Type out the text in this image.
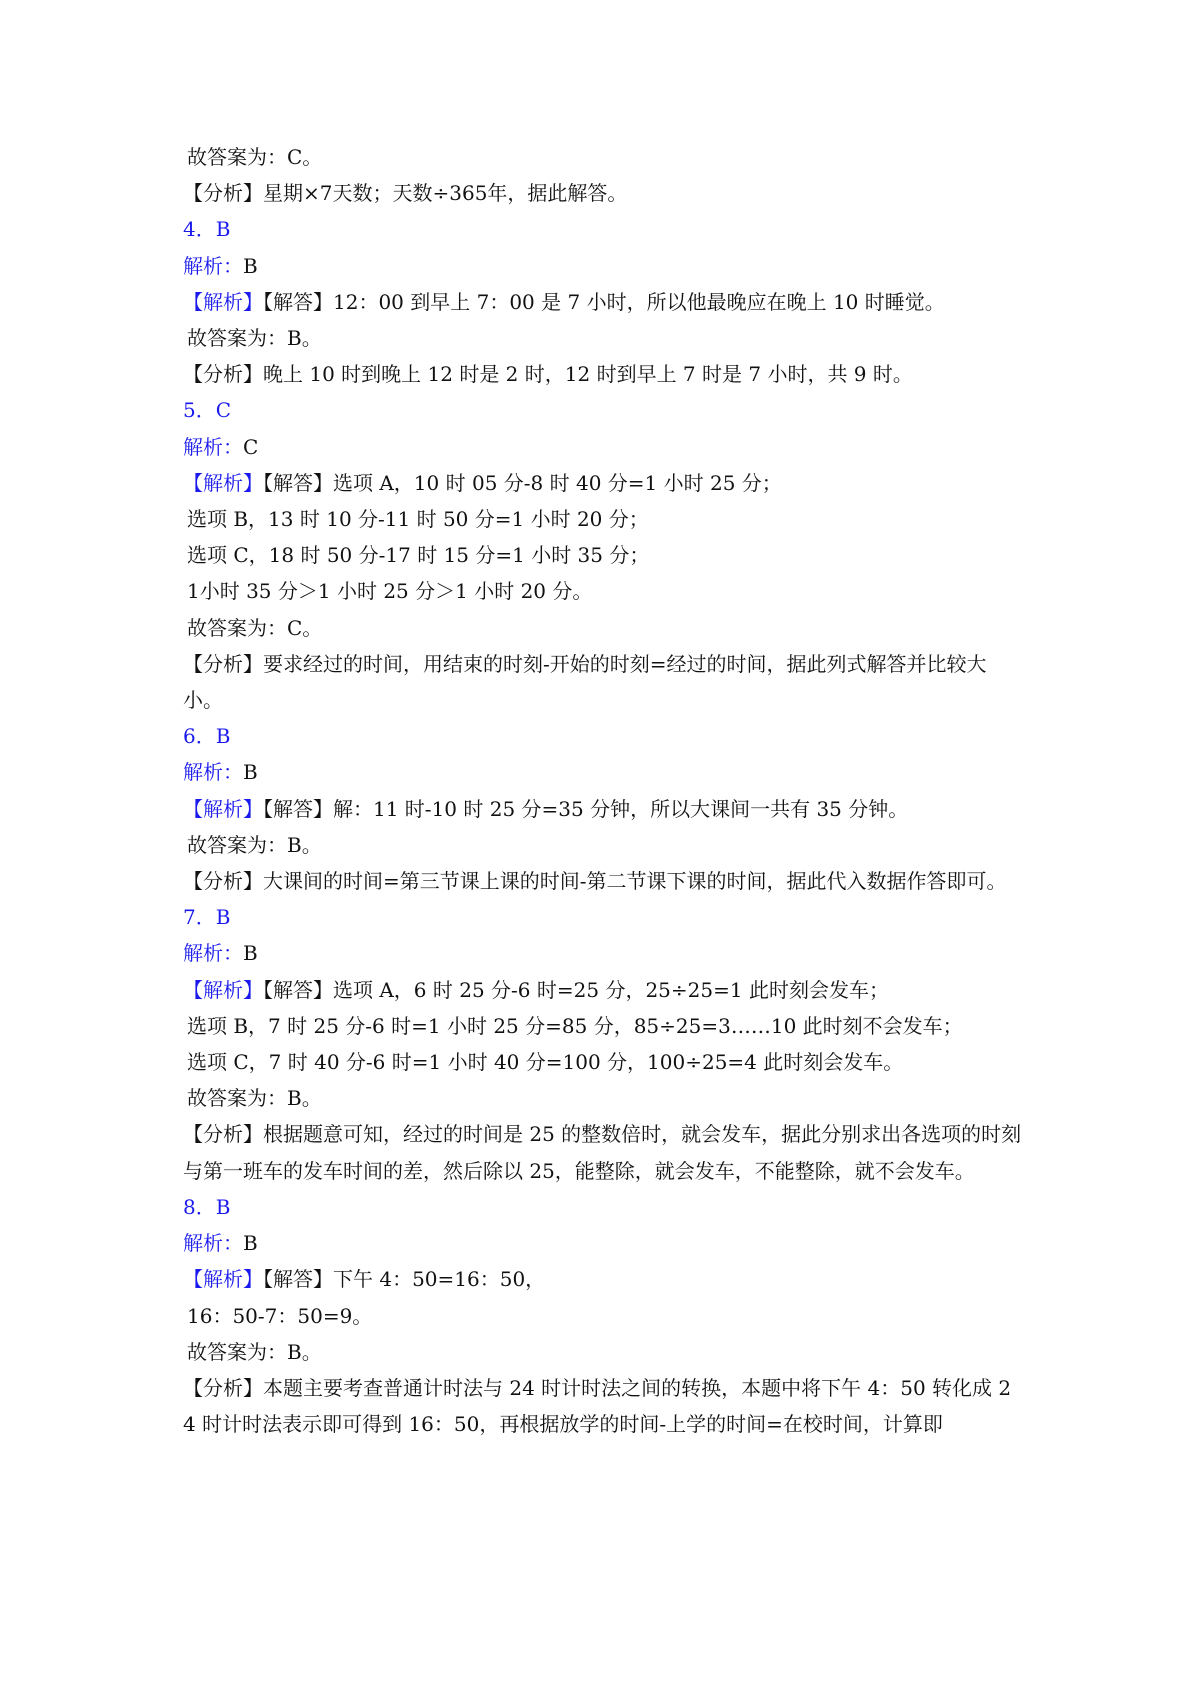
故答案为：C。
【分析】星期×7天数；天数÷365年，据此解答。
4．B
解析：B
【解析】【解答】12：00 到早上 7：00 是 7 小时，所以他最晚应在晚上 10 时睡觉。
故答案为：B。
【分析】晚上 10 时到晚上 12 时是 2 时，12 时到早上 7 时是 7 小时，共 9 时。
5．C
解析：C
【解析】【解答】选项 A，10 时 05 分-8 时 40 分=1 小时 25 分；
选项 B，13 时 10 分-11 时 50 分=1 小时 20 分；
选项 C，18 时 50 分-17 时 15 分=1 小时 35 分；
1小时 35 分＞1 小时 25 分＞1 小时 20 分。
故答案为：C。
【分析】要求经过的时间，用结束的时刻-开始的时刻=经过的时间，据此列式解答并比较大小。
6．B
解析：B
【解析】【解答】解：11 时-10 时 25 分=35 分钟，所以大课间一共有 35 分钟。
故答案为：B。
【分析】大课间的时间=第三节课上课的时间-第二节课下课的时间，据此代入数据作答即可。
7．B
解析：B
【解析】【解答】选项 A，6 时 25 分-6 时=25 分，25÷25=1 此时刻会发车；
选项 B，7 时 25 分-6 时=1 小时 25 分=85 分，85÷25=3……10 此时刻不会发车；
选项 C，7 时 40 分-6 时=1 小时 40 分=100 分，100÷25=4 此时刻会发车。
故答案为：B。
【分析】根据题意可知，经过的时间是 25 的整数倍时，就会发车，据此分别求出各选项的时刻与第一班车的发车时间的差，然后除以 25，能整除，就会发车，不能整除，就不会发车。
8．B
解析：B
【解析】【解答】下午 4：50=16：50，
16：50-7：50=9。
故答案为：B。
【分析】本题主要考查普通计时法与 24 时计时法之间的转换，本题中将下午 4：50 转化成 24 时计时法表示即可得到 16：50，再根据放学的时间-上学的时间=在校时间，计算即
